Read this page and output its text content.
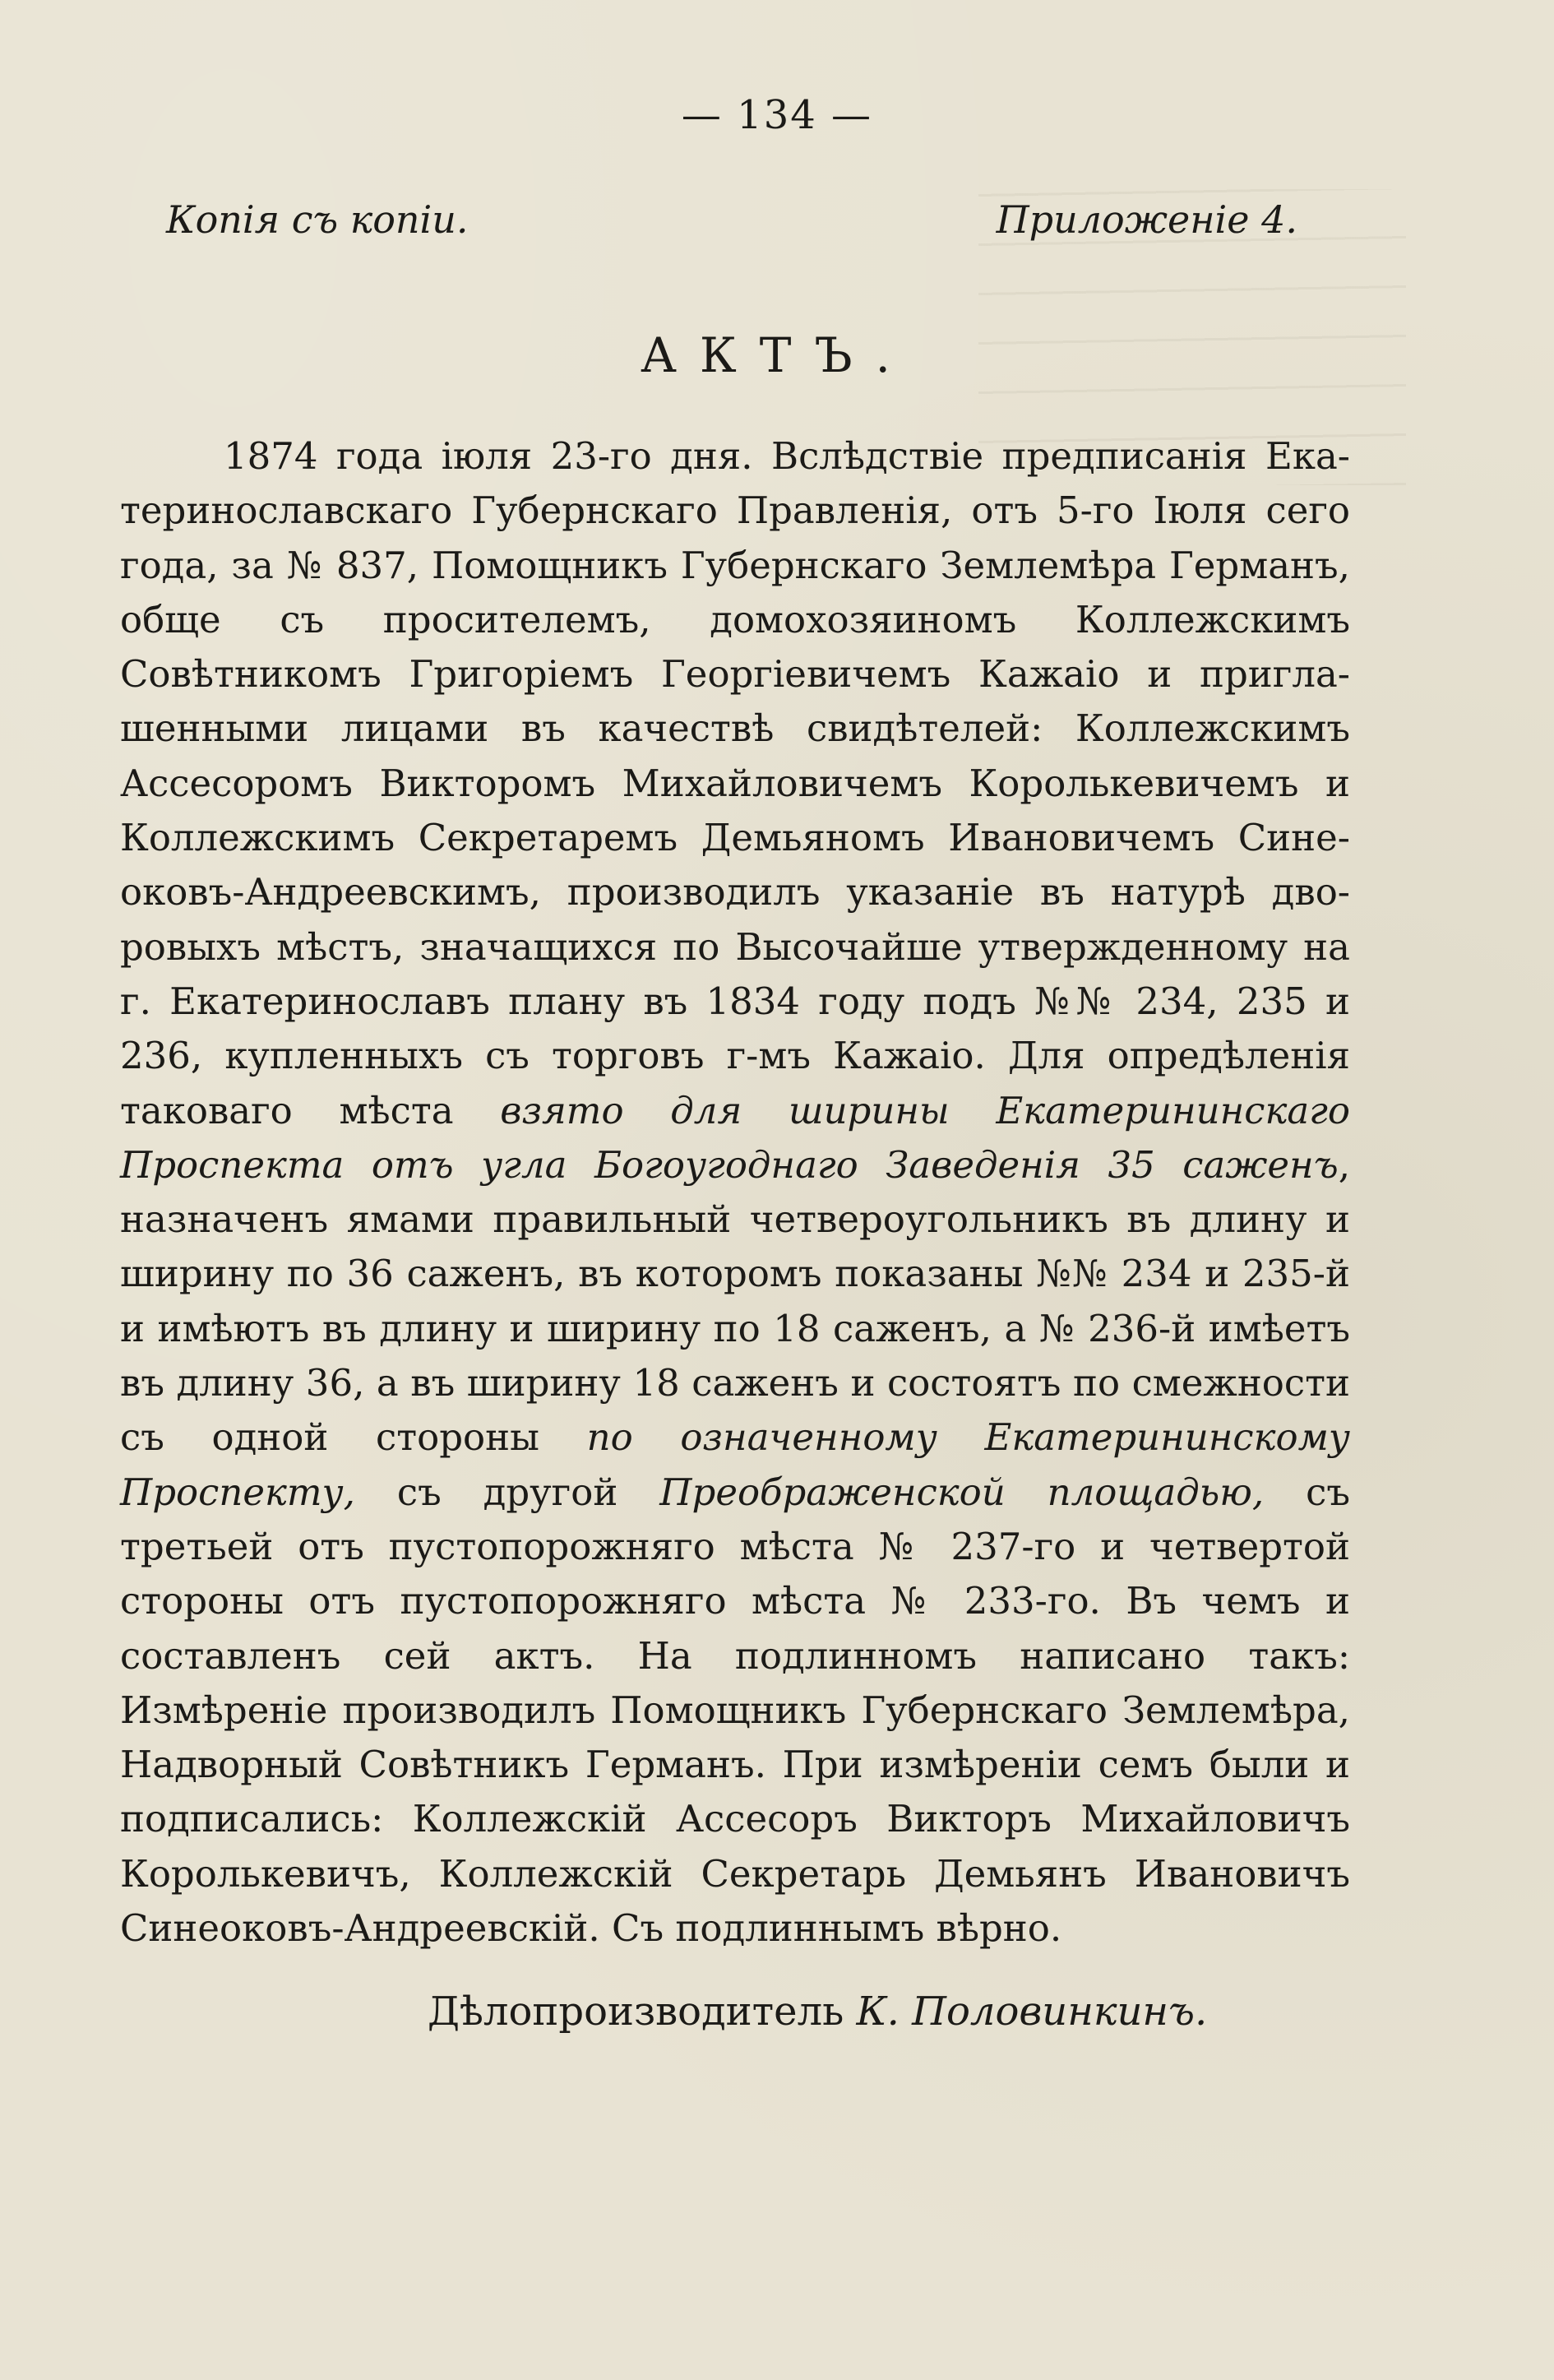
— 134 —
Копія съ копіи.	Приложеніе 4.
АКТЪ.

1874 года іюля 23-го дня. Вслѣдствіе предписанія Екатеринославскаго Губернскаго Правленія, отъ 5-го Іюля сего года, за № 837, Помощникъ Губернскаго Землемѣра Германъ, обще съ просителемъ, домохозяиномъ Коллежскимъ Совѣтникомъ Григоріемъ Георгіевичемъ Кажаіо и приглашенными лицами въ качествѣ свидѣтелей: Коллежскимъ Ассесоромъ Викторомъ Михайловичемъ Королькевичемъ и Коллежскимъ Секретаремъ Демьяномъ Ивановичемъ Синеоковъ-Андреевскимъ, производилъ указаніе въ натурѣ дворовыхъ мѣстъ, значащихся по Высочайше утвержденному на г. Екатеринославъ плану въ 1834 году подъ №№ 234, 235 и 236, купленныхъ съ торговъ г-мъ Кажаіо. Для опредѣленія таковаго мѣста взято для ширины Екатерининскаго Проспекта отъ угла Богоугоднаго Заведенія 35 саженъ, назначенъ ямами правильный четвероугольникъ въ длину и ширину по 36 саженъ, въ которомъ показаны №№ 234 и 235-й и имѣютъ въ длину и ширину по 18 саженъ, а № 236-й имѣетъ въ длину 36, а въ ширину 18 саженъ и состоятъ по смежности съ одной стороны по означенному Екатерининскому Проспекту, съ другой Преображенской площадью, съ третьей отъ пустопорожняго мѣста № 237-го и четвертой стороны отъ пустопорожняго мѣста № 233-го. Въ чемъ и составленъ сей актъ. На подлинномъ написано такъ: Измѣреніе производилъ Помощникъ Губернскаго Землемѣра, Надворный Совѣтникъ Германъ. При измѣреніи семъ были и подписались: Коллежскій Ассесоръ Викторъ Михайловичъ Королькевичъ, Коллежскій Секретарь Демьянъ Ивановичъ Синеоковъ-Андреевскій. Съ подлиннымъ вѣрно.

Дѣлопроизводитель К. Половинкинъ.
